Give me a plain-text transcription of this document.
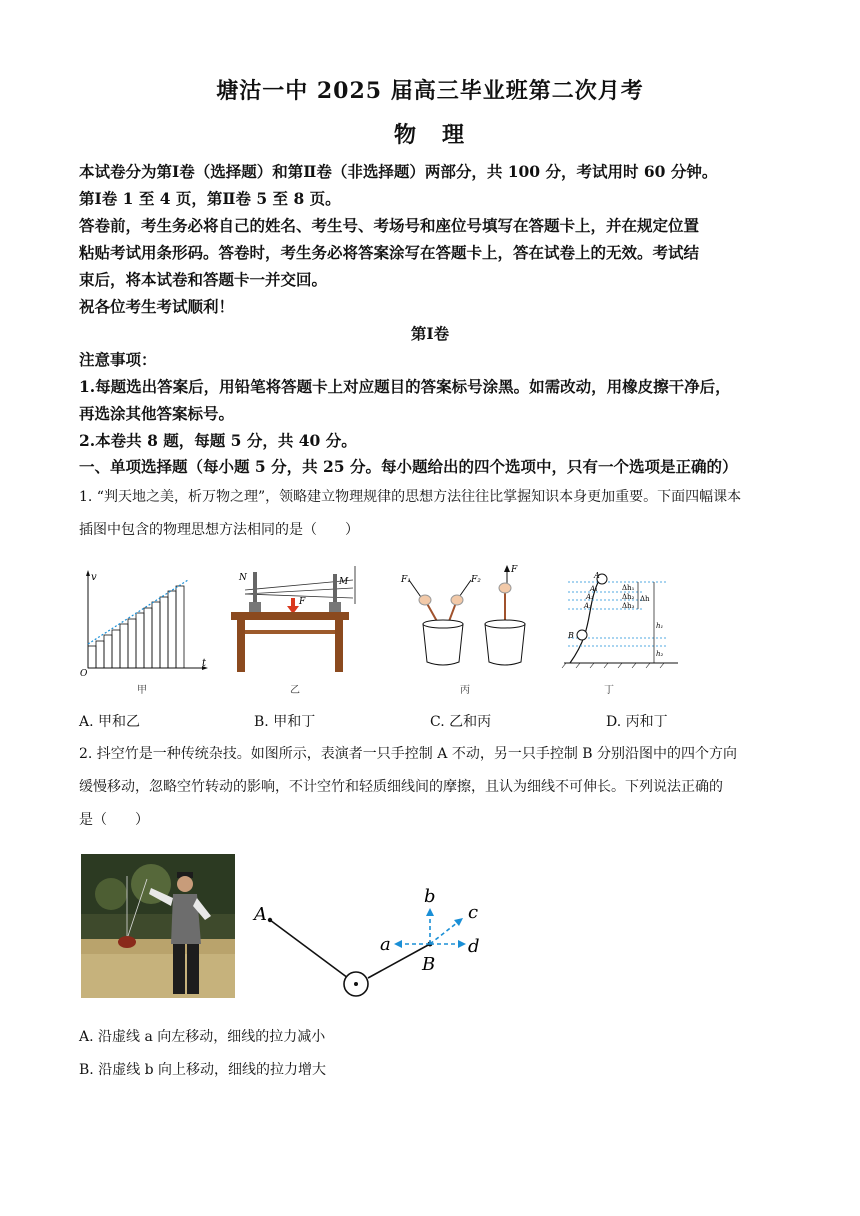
塘沽一中 2025 届高三毕业班第二次月考
物　理
本试卷分为第Ⅰ卷（选择题）和第Ⅱ卷（非选择题）两部分，共 100 分，考试用时 60 分钟。
第Ⅰ卷 1 至 4 页，第Ⅱ卷 5 至 8 页。
答卷前，考生务必将自己的姓名、考生号、考场号和座位号填写在答题卡上，并在规定位置
粘贴考试用条形码。答卷时，考生务必将答案涂写在答题卡上，答在试卷上的无效。考试结
束后，将本试卷和答题卡一并交回。
祝各位考生考试顺利！
第Ⅰ卷
注意事项：
1.每题选出答案后，用铅笔将答题卡上对应题目的答案标号涂黑。如需改动，用橡皮擦干净后，
再选涂其他答案标号。
2.本卷共 8 题，每题 5 分，共 40 分。
一、单项选择题（每小题 5 分，共 25 分。每小题给出的四个选项中，只有一个选项是正确的）
1. “判天地之美，析万物之理”，领略建立物理规律的思想方法往往比掌握知识本身更加重要。下面四幅课本
插图中包含的物理思想方法相同的是（　　）
v
t
O
N	M
F
F₁	F₂
F
A
A₁
A₂
A₃
B
Δh₁
Δh₂
Δh₃
Δh
h₁
h₂
甲	乙	丙	丁
A. 甲和乙	B. 甲和丁	C. 乙和丙	D. 丙和丁
2. 抖空竹是一种传统杂技。如图所示，表演者一只手控制 A 不动，另一只手控制 B 分别沿图中的四个方向
缓慢移动，忽略空竹转动的影响，不计空竹和轻质细线间的摩擦，且认为细线不可伸长。下列说法正确的
是（　　）
A
B
a
b
c
d
A. 沿虚线 a 向左移动，细线的拉力减小
B. 沿虚线 b 向上移动，细线的拉力增大
